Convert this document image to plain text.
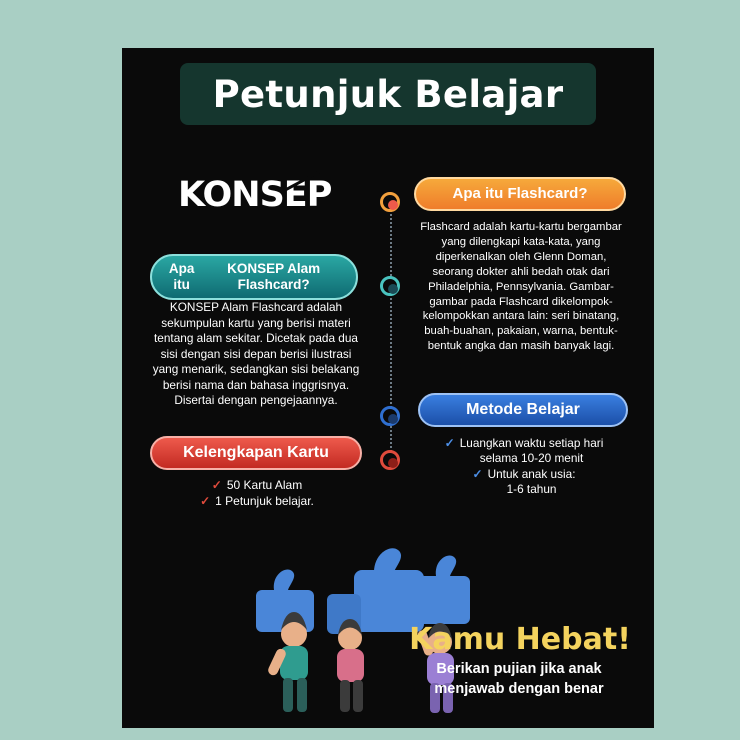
Petunjuk Belajar
KONSEP	Apa itu Flashcard?
Flashcard adalah kartu-kartu bergambar yang dilengkapi kata-kata, yang diperkenalkan oleh Glenn Doman, seorang dokter ahli bedah otak dari Philadelphia, Pennsylvania. Gambar-gambar pada Flashcard dikelompok-kelompokkan antara lain: seri binatang, buah-buahan, pakaian, warna, bentuk-bentuk angka dan masih banyak lagi.
Apa itu

KONSEP Alam Flashcard?
KONSEP Alam Flashcard adalah sekumpulan kartu yang berisi materi tentang alam sekitar. Dicetak pada dua sisi dengan sisi depan berisi ilustrasi yang menarik, sedangkan sisi belakang berisi nama dan bahasa inggrisnya. Disertai dengan pengejaannya.
Metode Belajar
✓ Luangkan waktu setiap hari
selama 10-20 menit
✓ Untuk anak usia:
1-6 tahun
Kelengkapan Kartu
✓ 50 Kartu Alam
✓ 1 Petunjuk belajar.
Kamu Hebat!
Berikan pujian jika anak
menjawab dengan benar
